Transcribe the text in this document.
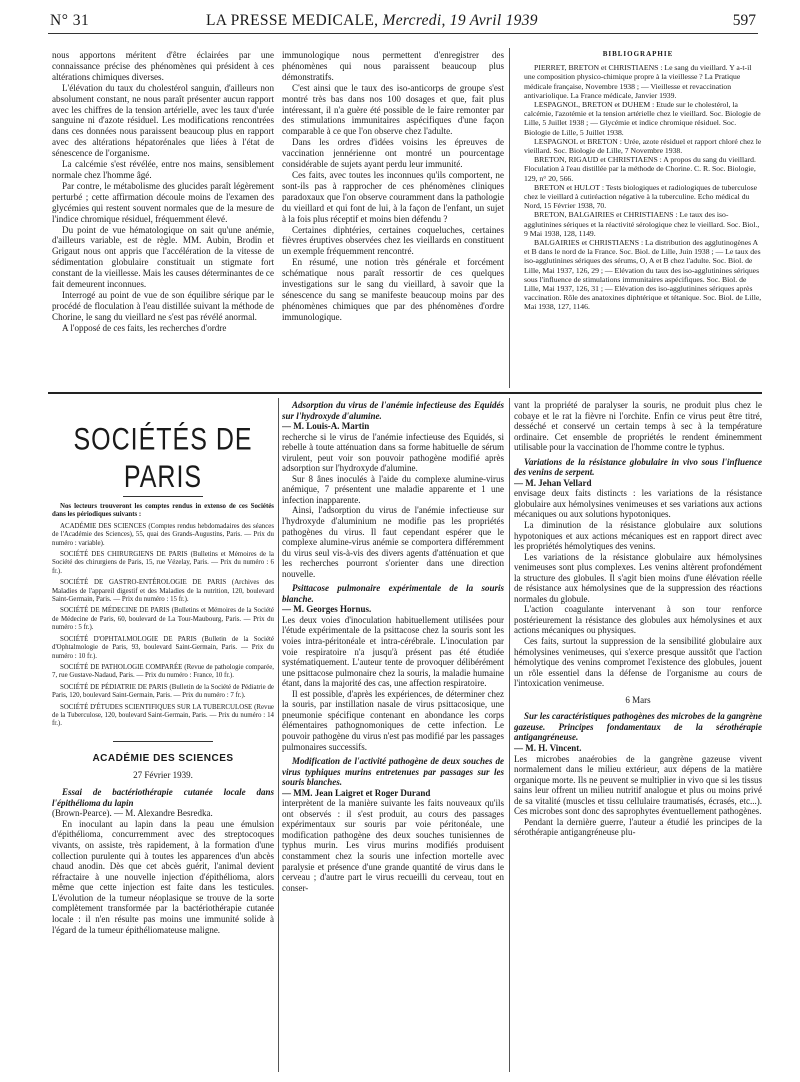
N° 31	LA PRESSE MEDICALE, Mercredi, 19 Avril 1939	597

nous apportons méritent d'être éclairées par une connaissance précise des phénomènes qui président à ces altérations chimiques diverses.

L'élévation du taux du cholestérol sanguin, d'ailleurs non absolument constant, ne nous paraît présenter aucun rapport avec les chiffres de la tension artérielle, avec les taux d'urée sanguine ni d'azote résiduel. Les modifications rencontrées dans ces données nous paraissent beaucoup plus en rapport avec des altérations hépatorénales que liées à l'état de sénescence de l'organisme.

La calcémie s'est révélée, entre nos mains, sensiblement normale chez l'homme âgé.

Par contre, le métabolisme des glucides paraît légèrement perturbé ; cette affirmation découle moins de l'examen des glycémies qui restent souvent normales que de la mesure de l'indice chromique résiduel, fréquemment élevé.

Du point de vue hématologique on sait qu'une anémie, d'ailleurs variable, est de règle. MM. Aubin, Brodin et Grigaut nous ont appris que l'accélération de la vitesse de sédimentation globulaire constituait un stigmate fort constant de la vieillesse. Mais les causes déterminantes de ce fait demeurent inconnues.

Interrogé au point de vue de son équilibre sérique par le procédé de floculation à l'eau distillée suivant la méthode de Chorine, le sang du vieillard ne s'est pas révélé anormal.

A l'opposé de ces faits, les recherches d'ordre

immunologique nous permettent d'enregistrer des phénomènes qui nous paraissent beaucoup plus démonstratifs.

C'est ainsi que le taux des iso-anticorps de groupe s'est montré très bas dans nos 100 dosages et que, fait plus intéressant, il n'a guère été possible de le faire remonter par des stimulations immunitaires aspécifiques d'une façon comparable à ce que l'on observe chez l'adulte.

Dans les ordres d'idées voisins les épreuves de vaccination jennérienne ont montré un pourcentage considérable de sujets ayant perdu leur immunité.

Ces faits, avec toutes les inconnues qu'ils comportent, ne sont-ils pas à rapprocher de ces phénomènes cliniques paradoxaux que l'on observe couramment dans la pathologie du vieillard et qui font de lui, à la façon de l'enfant, un sujet à la fois plus réceptif et moins bien défendu ?

Certaines diphtéries, certaines coqueluches, certaines fièvres éruptives observées chez les vieillards en constituent un exemple fréquemment rencontré.

En résumé, une notion très générale et forcément schématique nous paraît ressortir de ces quelques investigations sur le sang du vieillard, à savoir que la sénescence du sang se manifeste beaucoup moins par des phénomènes chimiques que par des phénomènes d'ordre immunologique.

BIBLIOGRAPHIE

PIERRET, BRETON et CHRISTIAENS : Le sang du vieillard. Y a-t-il une composition physico-chimique propre à la vieillesse ? La Pratique médicale française, Novembre 1938 ; — Vieillesse et revaccination antivariolique. La France médicale, Janvier 1939.

LESPAGNOL, BRETON et DUHEM : Etude sur le cholestérol, la calcémie, l'azotémie et la tension artérielle chez le vieillard. Soc. Biologie de Lille, 5 Juillet 1938 ; — Glycémie et indice chromique résiduel. Soc. Biologie de Lille, 5 Juillet 1938.

LESPAGNOL et BRETON : Urée, azote résiduel et rapport chloré chez le vieillard. Soc. Biologie de Lille, 7 Novembre 1938.

BRETON, RIGAUD et CHRISTIAENS : A propos du sang du vieillard. Floculation à l'eau distillée par la méthode de Chorine. C. R. Soc. Biologie, 129, n° 20, 566.

BRETON et HULOT : Tests biologiques et radiologiques de tuberculose chez le vieillard à cutiréaction négative à la tuberculine. Echo médical du Nord, 15 Février 1938, 70.

BRETON, BALGAIRIES et CHRISTIAENS : Le taux des iso-agglutinines sériques et la réactivité sérologique chez le vieillard. Soc. Biol., 9 Mai 1938, 128, 1149.

BALGAIRIES et CHRISTIAENS : La distribution des agglutinogènes A et B dans le nord de la France. Soc. Biol. de Lille, Juin 1938 ; — Le taux des iso-agglutinines sériques des sérums, O, A et B chez l'adulte. Soc. Biol. de Lille, Mai 1937, 126, 29 ; — Elévation du taux des iso-agglutinines sériques sous l'influence de stimulations immunitaires aspécifiques. Soc. Biol. de Lille, Mai 1937, 126, 31 ; — Elévation des iso-agglutinines sériques après vaccination. Rôle des anatoxines diphtérique et tétanique. Soc. Biol. de Lille, Mai 1938, 127, 1146.

SOCIÉTÉS DE PARIS

Nos lecteurs trouveront les comptes rendus in extenso de ces Sociétés dans les périodiques suivants :

ACADÉMIE DES SCIENCES (Comptes rendus hebdomadaires des séances de l'Académie des Sciences), 55, quai des Grands-Augustins, Paris. — Prix du numéro : variable).

SOCIÉTÉ DES CHIRURGIENS DE PARIS (Bulletins et Mémoires de la Société des chirurgiens de Paris, 15, rue Vézelay, Paris. — Prix du numéro : 6 fr.).

SOCIÉTÉ DE GASTRO-ENTÉROLOGIE DE PARIS (Archives des Maladies de l'appareil digestif et des Maladies de la nutrition, 120, boulevard Saint-Germain, Paris. — Prix du numéro : 15 fr.).

SOCIÉTÉ DE MÉDECINE DE PARIS (Bulletins et Mémoires de la Société de Médecine de Paris, 60, boulevard de La Tour-Maubourg, Paris. — Prix du numéro : 5 fr.).

SOCIÉTÉ D'OPHTALMOLOGIE DE PARIS (Bulletin de la Société d'Ophtalmologie de Paris, 93, boulevard Saint-Germain, Paris. — Prix du numéro : 10 fr.).

SOCIÉTÉ DE PATHOLOGIE COMPARÉE (Revue de pathologie comparée, 7, rue Gustave-Nadaud, Paris. — Prix du numéro : France, 10 fr.).

SOCIÉTÉ DE PÉDIATRIE DE PARIS (Bulletin de la Société de Pédiatrie de Paris, 120, boulevard Saint-Germain, Paris. — Prix du numéro : 7 fr.).

SOCIÉTÉ D'ÉTUDES SCIENTIFIQUES SUR LA TUBERCULOSE (Revue de la Tuberculose, 120, boulevard Saint-Germain, Paris. — Prix du numéro : 14 fr.).

ACADÉMIE DES SCIENCES
27 Février 1939.

Essai de bactériothérapie cutanée locale dans l'épithélioma du lapin

(Brown-Pearce). — M. Alexandre Besredka.

En inoculant au lapin dans la peau une émulsion d'épithélioma, concurremment avec des streptocoques vivants, on assiste, très rapidement, à la formation d'une collection purulente qui à toutes les apparences d'un abcès chaud anodin. Dès que cet abcès guérit, l'animal devient réfractaire à une nouvelle injection d'épithélioma, alors même que cette injection est faite dans les testicules. L'évolution de la tumeur néoplasique se trouve de la sorte complètement transformée par la bactériothérapie cutanée locale : il n'en résulte pas moins une immunité solide à l'égard de la tumeur épithéliomateuse maligne.

Adsorption du virus de l'anémie infectieuse des Equidés sur l'hydroxyde d'alumine.

— M. Louis-A. Martin

recherche si le virus de l'anémie infectieuse des Equidés, si rebelle à toute atténuation dans sa forme habituelle de sérum virulent, peut voir son pouvoir pathogène modifié après adsorption sur l'hydroxyde d'alumine.

Sur 8 ânes inoculés à l'aide du complexe alumine-virus anémique, 7 présentent une maladie apparente et 1 une infection inapparente.

Ainsi, l'adsorption du virus de l'anémie infectieuse sur l'hydroxyde d'aluminium ne modifie pas les propriétés pathogènes du virus. Il faut cependant espérer que le complexe alumine-virus anémie se comportera différemment du virus seul vis-à-vis des divers agents d'atténuation et que les recherches pourront s'orienter dans une direction nouvelle.

Psittacose pulmonaire expérimentale de la souris blanche.

— M. Georges Hornus.

Les deux voies d'inoculation habituellement utilisées pour l'étude expérimentale de la psittacose chez la souris sont les voies intra-péritonéale et intra-cérébrale. L'inoculation par voie respiratoire n'a jusqu'à présent pas été étudiée systématiquement. L'auteur tente de provoquer délibérément une psittacose pulmonaire chez la souris, la maladie humaine étant, dans la majorité des cas, une affection respiratoire.

Il est possible, d'après les expériences, de déterminer chez la souris, par instillation nasale de virus psittacosique, une pneumonie spécifique contenant en abondance les corps élémentaires pathognomoniques de cette infection. Le pouvoir pathogène du virus n'est pas modifié par les passages pulmonaires successifs.

Modification de l'activité pathogène de deux souches de virus typhiques murins entretenues par passages sur les souris blanches.

— MM. Jean Laigret et Roger Durand

interprètent de la manière suivante les faits nouveaux qu'ils ont observés : il s'est produit, au cours des passages expérimentaux sur souris par voie péritonéale, une modification pathogène des deux souches tunisiennes de typhus murin. Les virus murins modifiés produisent constamment chez la souris une infection mortelle avec paralysie et présence d'une grande quantité de virus dans le cerveau ; d'autre part le virus recueilli du cerveau, tout en conser-

vant la propriété de paralyser la souris, ne produit plus chez le cobaye et le rat la fièvre ni l'orchite. Enfin ce virus peut être titré, desséché et conservé un certain temps à sec à la température ordinaire. Cet ensemble de propriétés le rendent éminemment utilisable pour la vaccination de l'homme contre le typhus.

Variations de la résistance globulaire in vivo sous l'influence des venins de serpent.

— M. Jehan Vellard

envisage deux faits distincts : les variations de la résistance globulaire aux hémolysines venimeuses et ses variations aux actions mécaniques ou aux solutions hypotoniques.

La diminution de la résistance globulaire aux solutions hypotoniques et aux actions mécaniques est en rapport direct avec les propriétés hémolytiques des venins.

Les variations de la résistance globulaire aux hémolysines venimeuses sont plus complexes. Les venins altèrent profondément la structure des globules. Il s'agit bien moins d'une élévation réelle de résistance aux hémolysines que de la suppression des réactions normales du globule.

L'action coagulante intervenant à son tour renforce postérieurement la résistance des globules aux hémolysines et aux actions mécaniques ou physiques.

Ces faits, surtout la suppression de la sensibilité globulaire aux hémolysines venimeuses, qui s'exerce presque aussitôt que l'action hémolytique des venins compromet l'existence des globules, jouent un rôle essentiel dans la défense de l'organisme au cours de l'intoxication venimeuse.

6 Mars

Sur les caractéristiques pathogènes des microbes de la gangrène gazeuse. Principes fondamentaux de la sérothérapie antigangréneuse.

— M. H. Vincent.

Les microbes anaérobies de la gangrène gazeuse vivent normalement dans le milieu extérieur, aux dépens de la matière organique morte. Ils ne peuvent se multiplier in vivo que si les tissus sains leur offrent un milieu nutritif analogue et plus ou moins privé de sa vitalité (muscles et tissu cellulaire traumatisés, écrasés, etc...). Ces microbes sont donc des saprophytes éventuellement pathogènes.

Pendant la dernière guerre, l'auteur a étudié les principes de la sérothérapie antigangréneuse plu-
